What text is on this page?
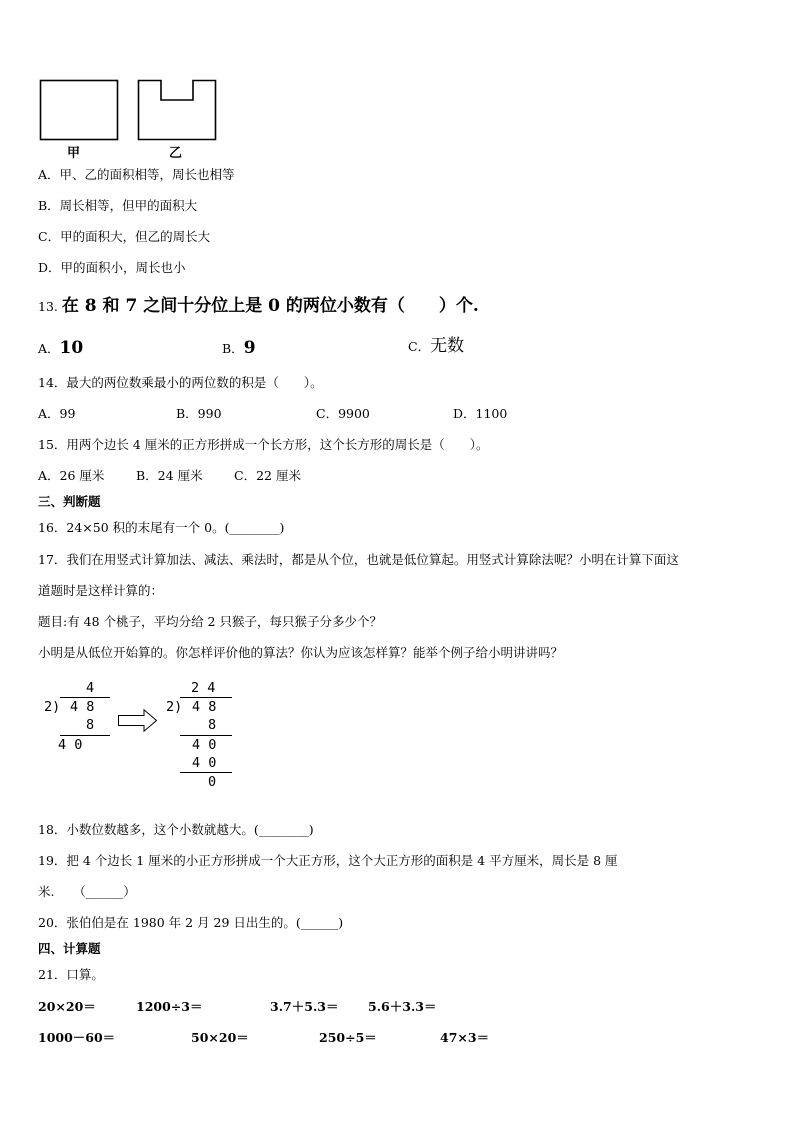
甲	乙
A．甲、乙的面积相等，周长也相等
B．周长相等，但甲的面积大
C．甲的面积大，但乙的周长大
D．甲的面积小，周长也小
13. 在 8 和 7 之间十分位上是 0 的两位小数有（　　）个.
A．10	B．9	C．无数
14．最大的两位数乘最小的两位数的积是（　　）。
A．99	B．990	C．9900	D．1100
15．用两个边长 4 厘米的正方形拼成一个长方形，这个长方形的周长是（　　）。
A．26 厘米	B．24 厘米	C．22 厘米
三、判断题
16．24×50 积的末尾有一个 0。(________)
17．我们在用竖式计算加法、减法、乘法时，都是从个位，也就是低位算起。用竖式计算除法呢？小明在计算下面这
道题时是这样计算的：
题目:有 48 个桃子，平均分给 2 只猴子，每只猴子分多少个？
小明是从低位开始算的。你怎样评价他的算法？你认为应该怎样算？能举个例子给小明讲讲吗？
4
2) 4 8
8
4 0
2 4
2) 4 8
8
4 0
4 0
0
18．小数位数越多，这个小数就越大。(________)
19．把 4 个边长 1 厘米的小正方形拼成一个大正方形，这个大正方形的面积是 4 平方厘米，周长是 8 厘
米.　　（______）
20．张伯伯是在 1980 年 2 月 29 日出生的。(______)
四、计算题
21．口算。
20×20＝	1200÷3＝	3.7＋5.3＝ 5.6＋3.3＝
1000－60＝	50×20＝	250÷5＝	47×3＝
